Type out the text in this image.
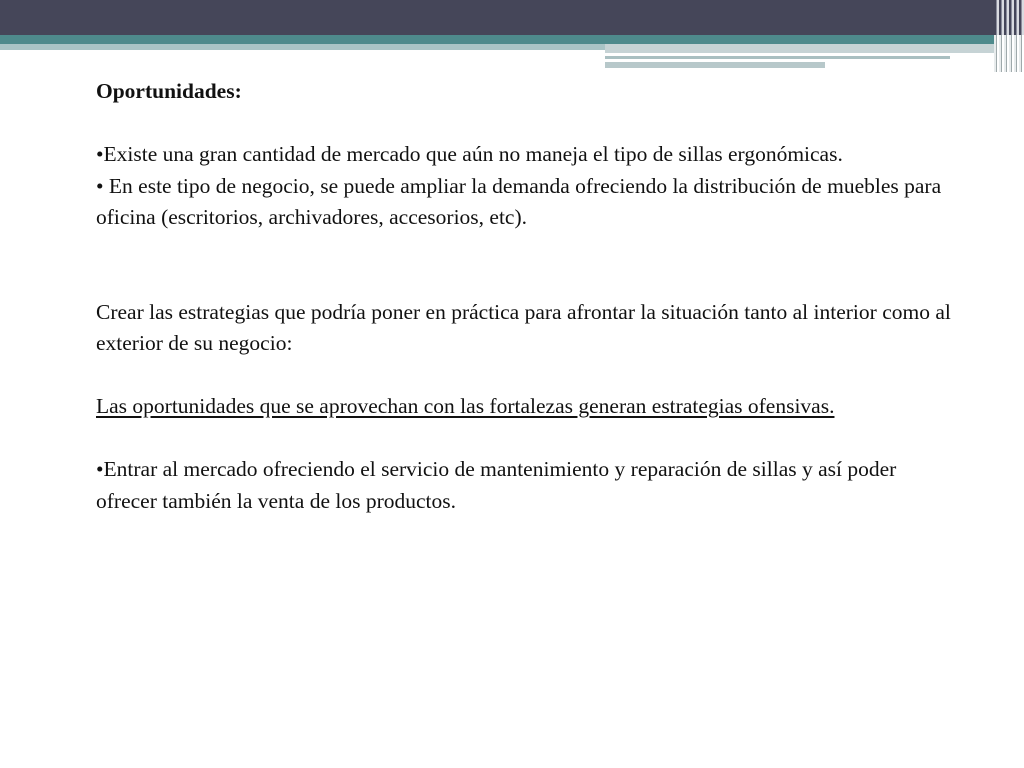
Oportunidades:

•Existe una gran cantidad de mercado que aún no maneja el tipo de sillas ergonómicas.

• En este tipo de negocio, se puede ampliar la demanda ofreciendo la distribución de muebles para oficina (escritorios, archivadores, accesorios, etc).

Crear las estrategias que podría poner en práctica para afrontar la situación tanto al interior como al exterior de su negocio:

Las oportunidades que se aprovechan con las fortalezas generan estrategias ofensivas.

•Entrar al mercado ofreciendo el servicio de mantenimiento y reparación de sillas y así poder ofrecer también la venta de los productos.
